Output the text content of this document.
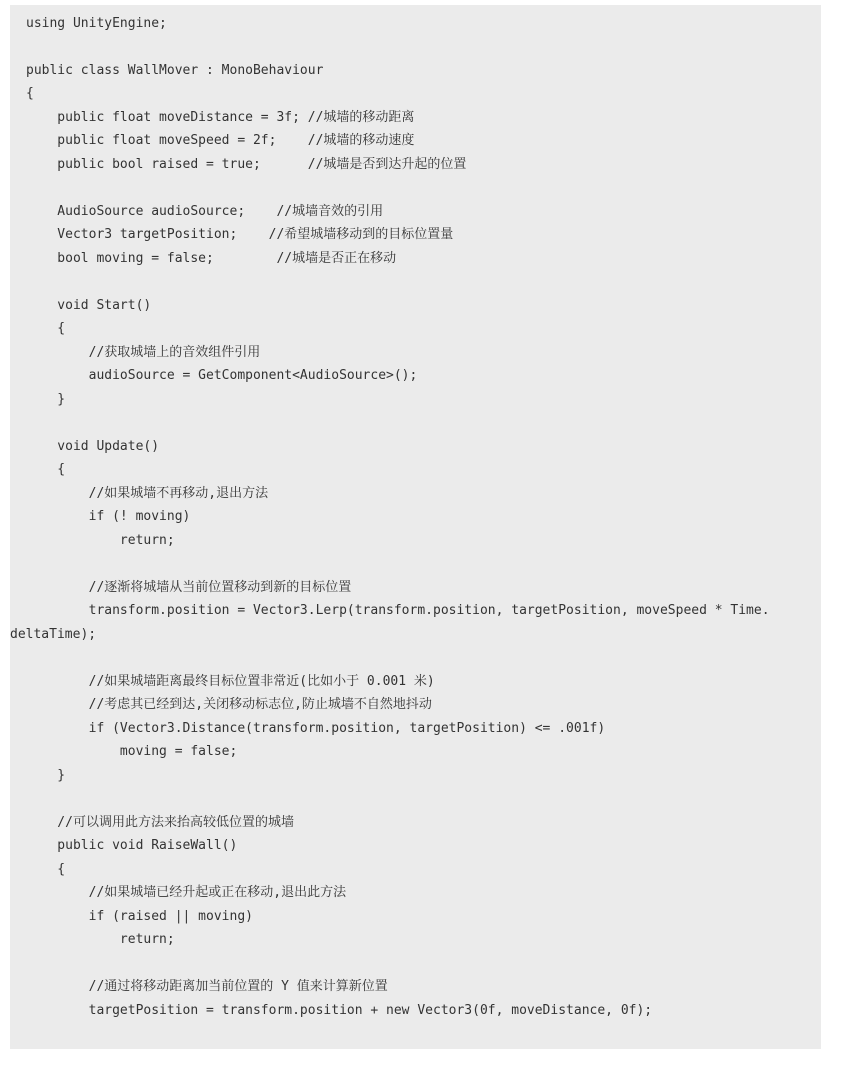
using UnityEngine;
public class WallMover : MonoBehaviour
{
public float moveDistance = 3f; //城墙的移动距离
public float moveSpeed = 2f;    //城墙的移动速度
public bool raised = true;      //城墙是否到达升起的位置
AudioSource audioSource;    //城墙音效的引用
Vector3 targetPosition;    //希望城墙移动到的目标位置量
bool moving = false;        //城墙是否正在移动
void Start()
{
//获取城墙上的音效组件引用
audioSource = GetComponent<AudioSource>();
}
void Update()
{
//如果城墙不再移动,退出方法
if (! moving)
return;
//逐渐将城墙从当前位置移动到新的目标位置
transform.position = Vector3.Lerp(transform.position, targetPosition, moveSpeed * Time.
deltaTime);
//如果城墙距离最终目标位置非常近(比如小于 0.001 米)
//考虑其已经到达,关闭移动标志位,防止城墙不自然地抖动
if (Vector3.Distance(transform.position, targetPosition) <= .001f)
moving = false;
}
//可以调用此方法来抬高较低位置的城墙
public void RaiseWall()
{
//如果城墙已经升起或正在移动,退出此方法
if (raised || moving)
return;
//通过将移动距离加当前位置的 Y 值来计算新位置
targetPosition = transform.position + new Vector3(0f, moveDistance, 0f);
